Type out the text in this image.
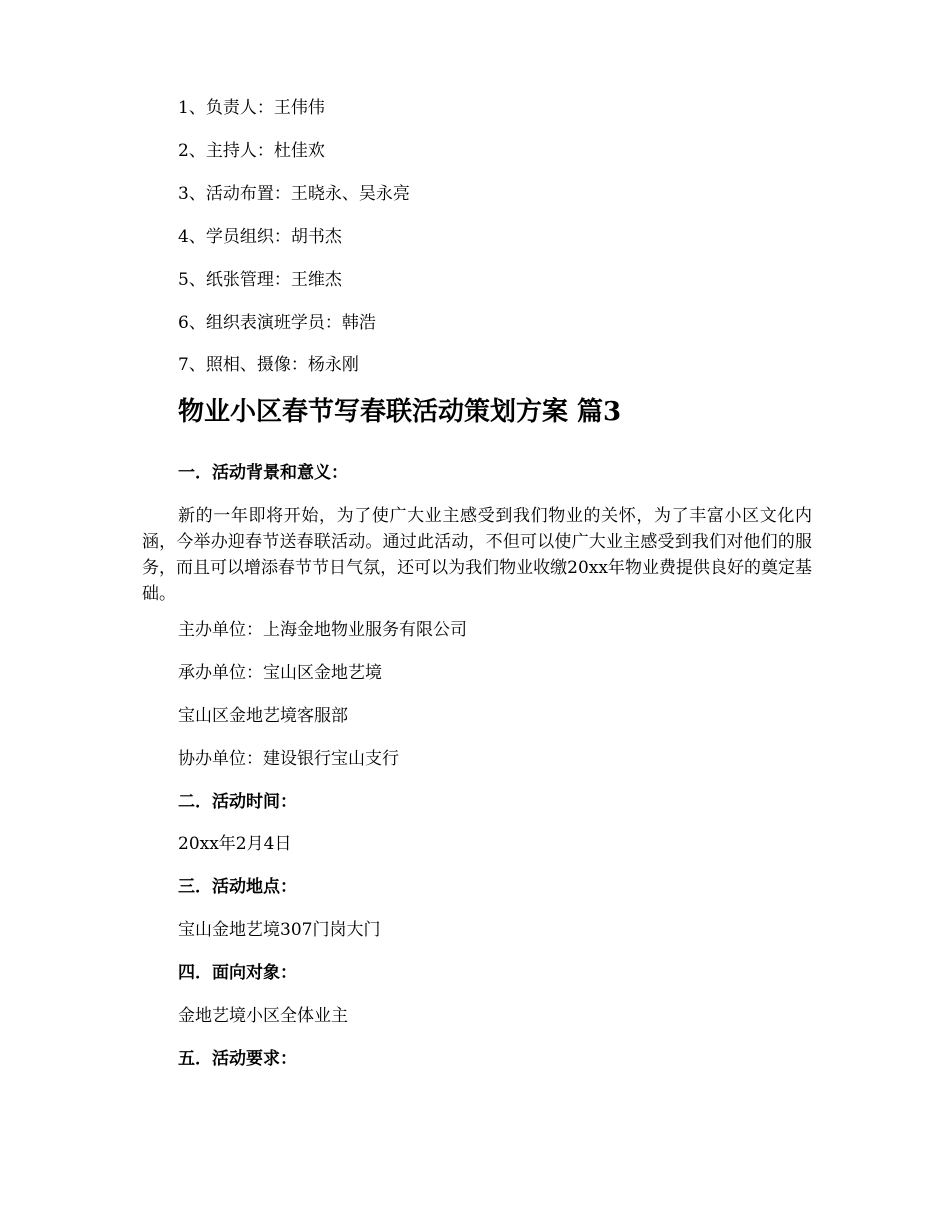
1、负责人：王伟伟
2、主持人：杜佳欢
3、活动布置：王晓永、吴永亮
4、学员组织：胡书杰
5、纸张管理：王维杰
6、组织表演班学员：韩浩
7、照相、摄像：杨永刚
物业小区春节写春联活动策划方案 篇3
一．活动背景和意义：
新的一年即将开始，为了使广大业主感受到我们物业的关怀，为了丰富小区文化内涵，今举办迎春节送春联活动。通过此活动，不但可以使广大业主感受到我们对他们的服务，而且可以增添春节节日气氛，还可以为我们物业收缴20xx年物业费提供良好的奠定基础。
主办单位：上海金地物业服务有限公司
承办单位：宝山区金地艺境
宝山区金地艺境客服部
协办单位：建设银行宝山支行
二．活动时间：
20xx年2月4日
三．活动地点：
宝山金地艺境307门岗大门
四．面向对象：
金地艺境小区全体业主
五．活动要求：
